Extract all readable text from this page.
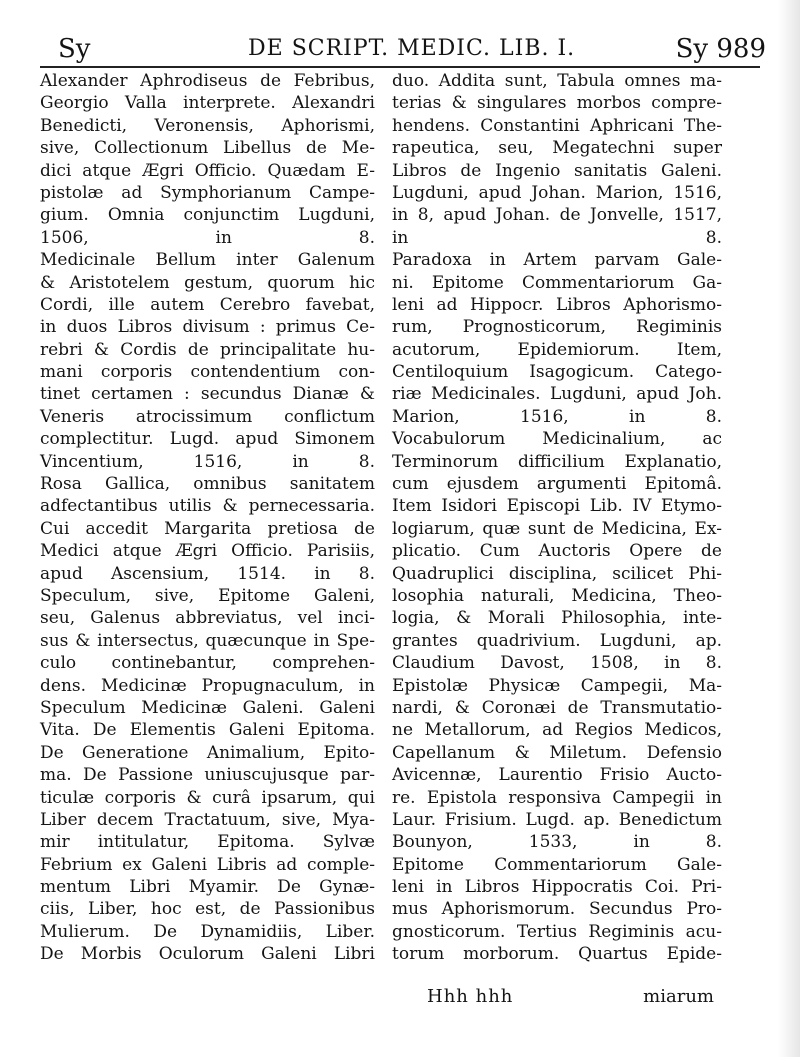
Sy	DE SCRIPT. MEDIC. LIB. I.	Sy 989
Alexander Aphrodiseus de Febribus,
Georgio Valla interprete. Alexandri
Benedicti, Veronensis, Aphorismi,
sive, Collectionum Libellus de Me-
dici atque Ægri Officio. Quædam E-
pistolæ ad Symphorianum Campe-
gium. Omnia conjunctim Lugduni,
1506, in 8.
Medicinale Bellum inter Galenum
& Aristotelem gestum, quorum hic
Cordi, ille autem Cerebro favebat,
in duos Libros divisum : primus Ce-
rebri & Cordis de principalitate hu-
mani corporis contendentium con-
tinet certamen : secundus Dianæ &
Veneris atrocissimum conflictum
complectitur. Lugd. apud Simonem
Vincentium, 1516, in 8.
Rosa Gallica, omnibus sanitatem
adfectantibus utilis & pernecessaria.
Cui accedit Margarita pretiosa de
Medici atque Ægri Officio. Parisiis,
apud Ascensium, 1514. in 8.
Speculum, sive, Epitome Galeni,
seu, Galenus abbreviatus, vel inci-
sus & intersectus, quæcunque in Spe-
culo continebantur, comprehen-
dens. Medicinæ Propugnaculum, in
Speculum Medicinæ Galeni. Galeni
Vita. De Elementis Galeni Epitoma.
De Generatione Animalium, Epito-
ma. De Passione uniuscujusque par-
ticulæ corporis & curâ ipsarum, qui
Liber decem Tractatuum, sive, Mya-
mir intitulatur, Epitoma. Sylvæ
Febrium ex Galeni Libris ad comple-
mentum Libri Myamir. De Gynæ-
ciis, Liber, hoc est, de Passionibus
Mulierum. De Dynamidiis, Liber.
De Morbis Oculorum Galeni Libri
duo. Addita sunt, Tabula omnes ma-
terias & singulares morbos compre-
hendens. Constantini Aphricani The-
rapeutica, seu, Megatechni super
Libros de Ingenio sanitatis Galeni.
Lugduni, apud Johan. Marion, 1516,
in 8, apud Johan. de Jonvelle, 1517,
in 8.
Paradoxa in Artem parvam Gale-
ni. Epitome Commentariorum Ga-
leni ad Hippocr. Libros Aphorismo-
rum, Prognosticorum, Regiminis
acutorum, Epidemiorum. Item,
Centiloquium Isagogicum. Catego-
riæ Medicinales. Lugduni, apud Joh.
Marion, 1516, in 8.
Vocabulorum Medicinalium, ac
Terminorum difficilium Explanatio,
cum ejusdem argumenti Epitomâ.
Item Isidori Episcopi Lib. IV Etymo-
logiarum, quæ sunt de Medicina, Ex-
plicatio. Cum Auctoris Opere de
Quadruplici disciplina, scilicet Phi-
losophia naturali, Medicina, Theo-
logia, & Morali Philosophia, inte-
grantes quadrivium. Lugduni, ap.
Claudium Davost, 1508, in 8.
Epistolæ Physicæ Campegii, Ma-
nardi, & Coronæi de Transmutatio-
ne Metallorum, ad Regios Medicos,
Capellanum & Miletum. Defensio
Avicennæ, Laurentio Frisio Aucto-
re. Epistola responsiva Campegii in
Laur. Frisium. Lugd. ap. Benedictum
Bounyon, 1533, in 8.
Epitome Commentariorum Gale-
leni in Libros Hippocratis Coi. Pri-
mus Aphorismorum. Secundus Pro-
gnosticorum. Tertius Regiminis acu-
torum morborum. Quartus Epide-
Hhh hhh	miarum
